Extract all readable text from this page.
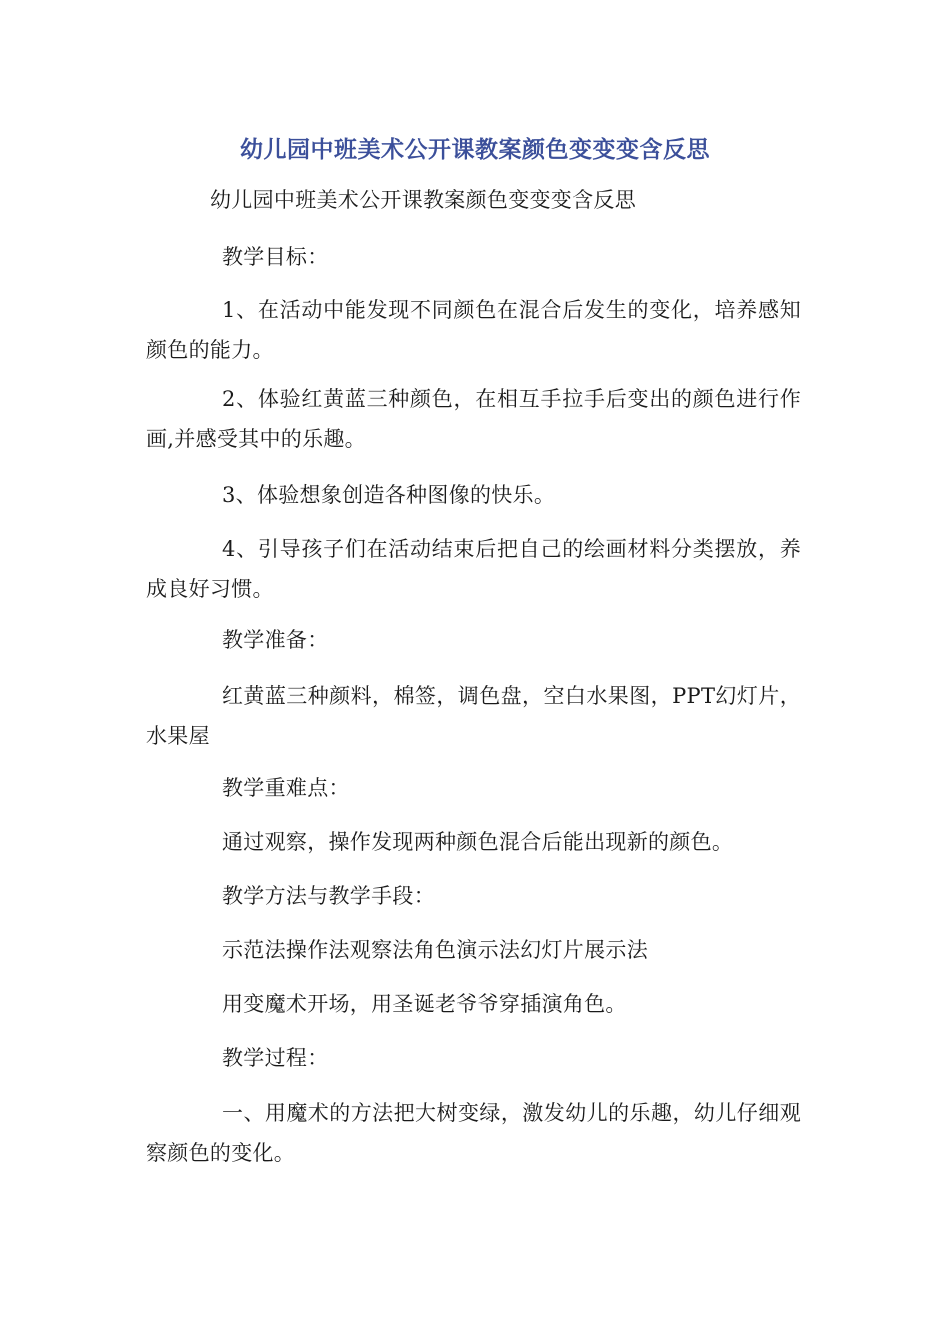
幼儿园中班美术公开课教案颜色变变变含反思
幼儿园中班美术公开课教案颜色变变变含反思
教学目标：
1、在活动中能发现不同颜色在混合后发生的变化，培养感知颜色的能力。
2、体验红黄蓝三种颜色，在相互手拉手后变出的颜色进行作画,并感受其中的乐趣。
3、体验想象创造各种图像的快乐。
4、引导孩子们在活动结束后把自己的绘画材料分类摆放，养成良好习惯。
教学准备：
红黄蓝三种颜料，棉签，调色盘，空白水果图，PPT幻灯片，水果屋
教学重难点：
通过观察，操作发现两种颜色混合后能出现新的颜色。
教学方法与教学手段：
示范法操作法观察法角色演示法幻灯片展示法
用变魔术开场，用圣诞老爷爷穿插演角色。
教学过程：
一、用魔术的方法把大树变绿，激发幼儿的乐趣，幼儿仔细观察颜色的变化。
